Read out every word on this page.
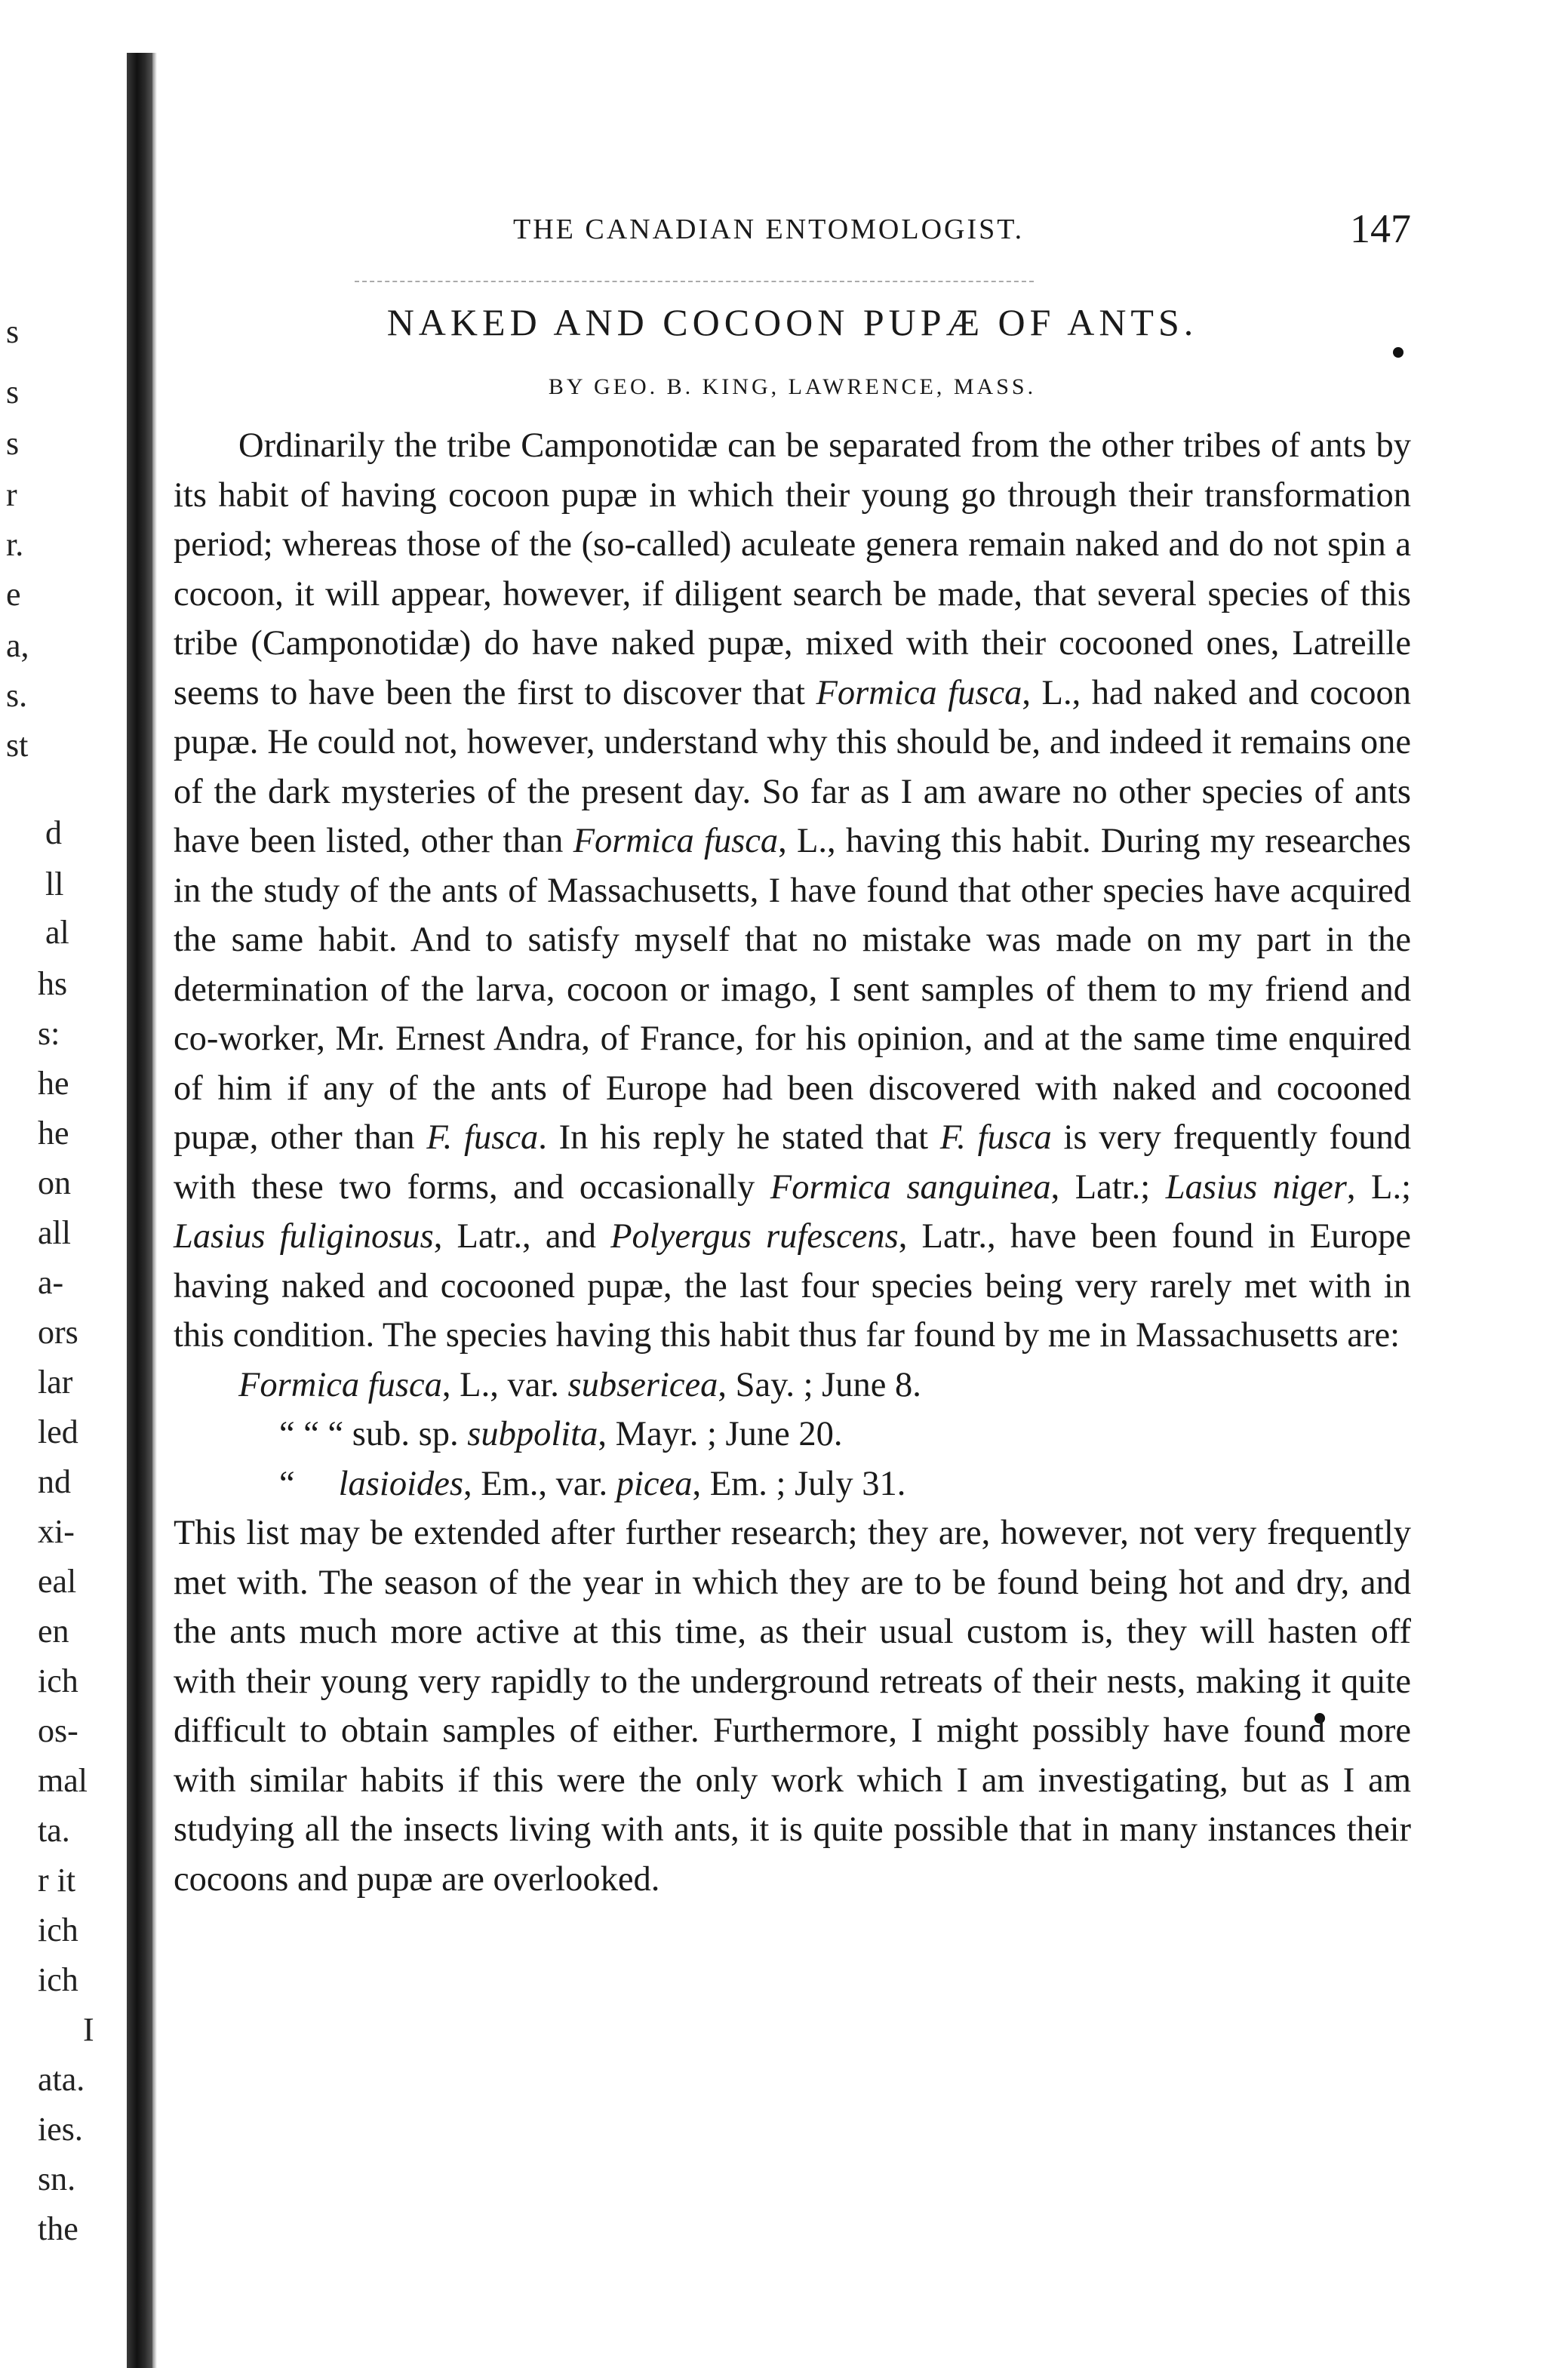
s
s
s
r
r.
e
a,
s.
st
d
ll
al
hs
s:
he
he
on
all
a-
ors
lar
led
nd
xi-
eal
en
ich
os-
mal
ta.
r it
ich
ich
I
ata.
ies.
sn.
the
THE CANADIAN ENTOMOLOGIST.	147
NAKED AND COCOON PUPÆ OF ANTS.
BY GEO. B. KING, LAWRENCE, MASS.

Ordinarily the tribe Camponotidæ can be separated from the other tribes of ants by its habit of having cocoon pupæ in which their young go through their transformation period; whereas those of the (so-called) aculeate genera remain naked and do not spin a cocoon, it will appear, however, if diligent search be made, that several species of this tribe (Camponotidæ) do have naked pupæ, mixed with their cocooned ones, Latreille seems to have been the first to discover that Formica fusca, L., had naked and cocoon pupæ. He could not, however, understand why this should be, and indeed it remains one of the dark mysteries of the present day. So far as I am aware no other species of ants have been listed, other than Formica fusca, L., having this habit. During my researches in the study of the ants of Massachusetts, I have found that other species have acquired the same habit. And to satisfy myself that no mistake was made on my part in the determination of the larva, cocoon or imago, I sent samples of them to my friend and co-worker, Mr. Ernest Andra, of France, for his opinion, and at the same time enquired of him if any of the ants of Europe had been discovered with naked and cocooned pupæ, other than F. fusca. In his reply he stated that F. fusca is very frequently found with these two forms, and occasionally Formica sanguinea, Latr.; Lasius niger, L.; Lasius fuliginosus, Latr., and Polyergus rufescens, Latr., have been found in Europe having naked and cocooned pupæ, the last four species being very rarely met with in this condition. The species having this habit thus far found by me in Massachusetts are:

Formica fusca, L., var. subsericea, Say. ; June 8.
“ “ “ sub. sp. subpolita, Mayr. ; June 20.
“ lasioides, Em., var. picea, Em. ; July 31.

This list may be extended after further research; they are, however, not very frequently met with. The season of the year in which they are to be found being hot and dry, and the ants much more active at this time, as their usual custom is, they will hasten off with their young very rapidly to the underground retreats of their nests, making it quite difficult to obtain samples of either. Furthermore, I might possibly have found more with similar habits if this were the only work which I am investigating, but as I am studying all the insects living with ants, it is quite possible that in many instances their cocoons and pupæ are overlooked.
